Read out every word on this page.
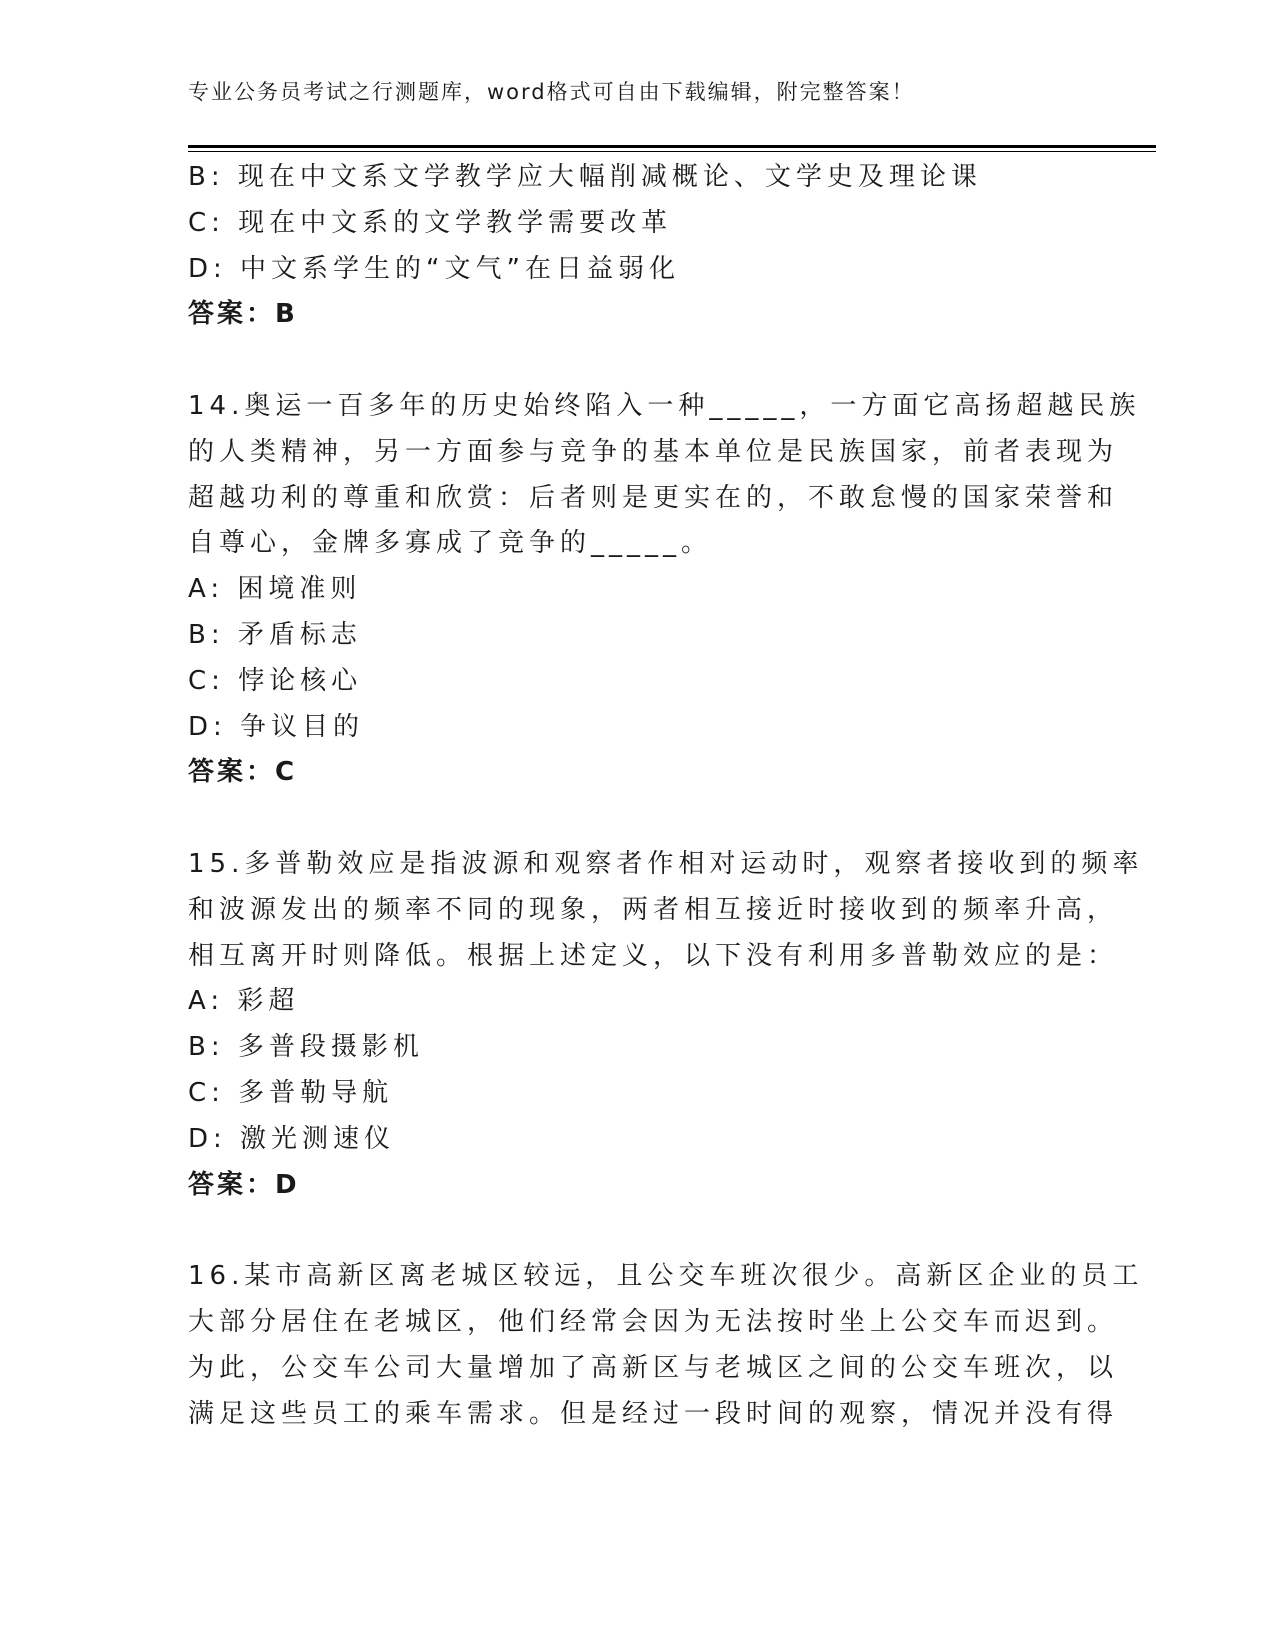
专业公务员考试之行测题库，word格式可自由下载编辑，附完整答案！
B: 现在中文系文学教学应大幅削减概论、文学史及理论课
C: 现在中文系的文学教学需要改革
D: 中文系学生的“文气”在日益弱化
答案：B
14.奥运一百多年的历史始终陷入一种_____，一方面它高扬超越民族
的人类精神，另一方面参与竞争的基本单位是民族国家，前者表现为
超越功利的尊重和欣赏：后者则是更实在的，不敢怠慢的国家荣誉和
自尊心，金牌多寡成了竞争的_____。
A: 困境准则
B: 矛盾标志
C: 悖论核心
D: 争议目的
答案：C
15.多普勒效应是指波源和观察者作相对运动时，观察者接收到的频率
和波源发出的频率不同的现象，两者相互接近时接收到的频率升高，
相互离开时则降低。根据上述定义，以下没有利用多普勒效应的是：
A: 彩超
B: 多普段摄影机
C: 多普勒导航
D: 激光测速仪
答案：D
16.某市高新区离老城区较远，且公交车班次很少。高新区企业的员工
大部分居住在老城区，他们经常会因为无法按时坐上公交车而迟到。
为此，公交车公司大量增加了高新区与老城区之间的公交车班次，以
满足这些员工的乘车需求。但是经过一段时间的观察，情况并没有得
